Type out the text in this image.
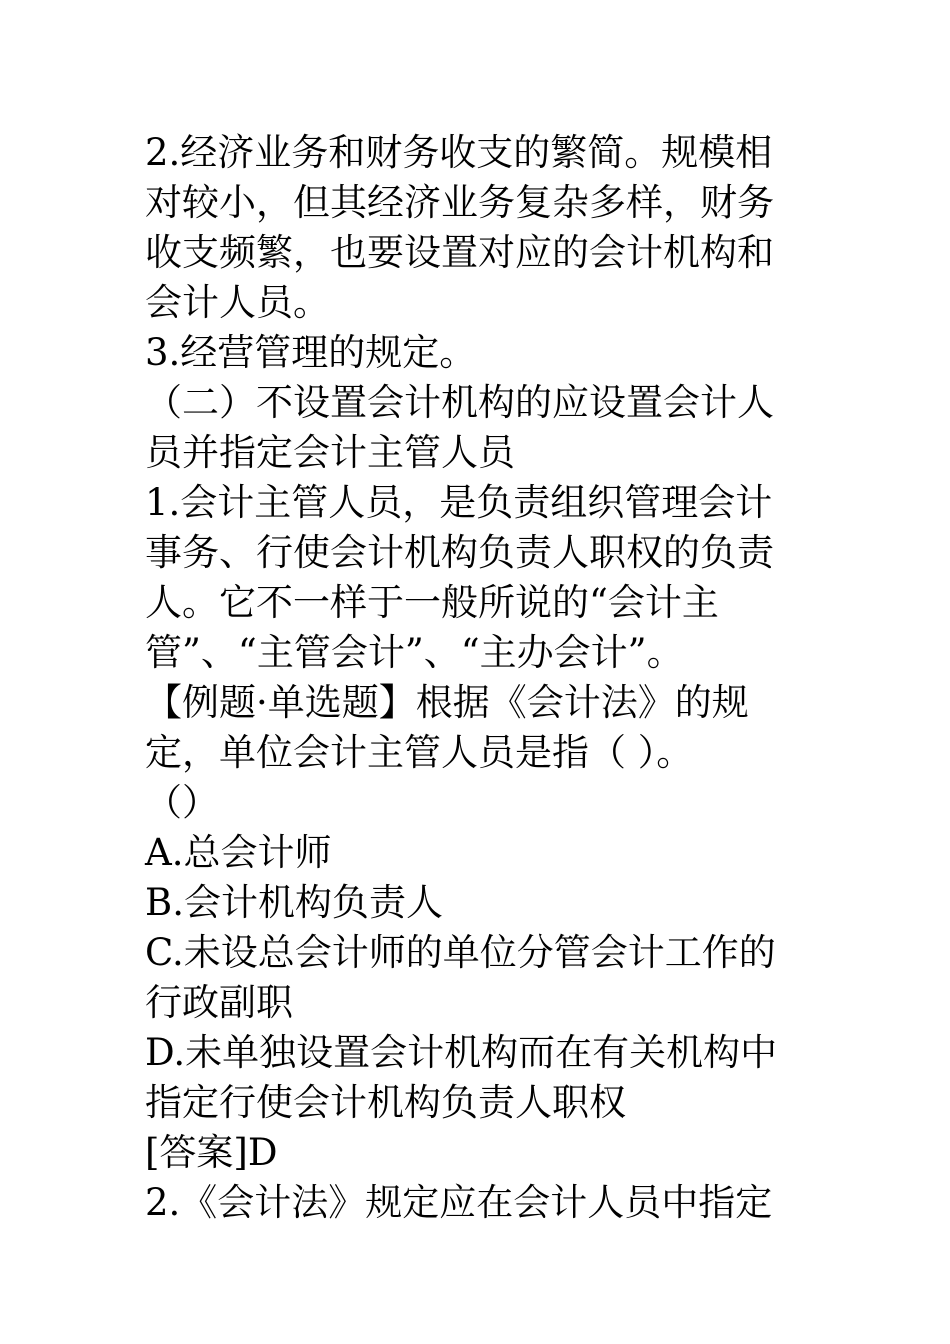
2.经济业务和财务收支的繁简。规模相
对较小，但其经济业务复杂多样，财务
收支频繁，也要设置对应的会计机构和
会计人员。
3.经营管理的规定。
（二）不设置会计机构的应设置会计人
员并指定会计主管人员
1.会计主管人员，是负责组织管理会计
事务、行使会计机构负责人职权的负责
人。它不一样于一般所说的“会计主
管”、“主管会计”、“主办会计”。
【例题·单选题】根据《会计法》的规
定，单位会计主管人员是指（ ）。
（）
A.总会计师
B.会计机构负责人
C.未设总会计师的单位分管会计工作的
行政副职
D.未单独设置会计机构而在有关机构中
指定行使会计机构负责人职权
[答案]D
2.《会计法》规定应在会计人员中指定
